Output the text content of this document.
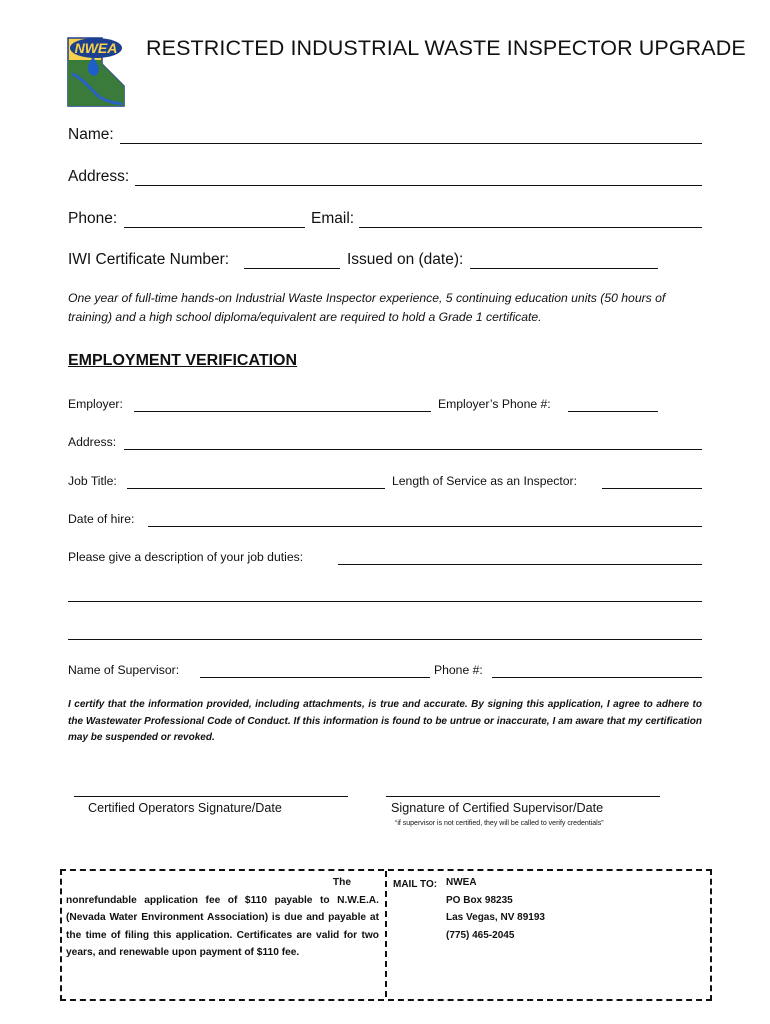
NWEA RESTRICTED INDUSTRIAL WASTE INSPECTOR UPGRADE
Name:
Address:
Phone:	Email:
IWI Certificate Number:	Issued on (date):
One year of full-time hands-on Industrial Waste Inspector experience, 5 continuing education units (50 hours of training) and a high school diploma/equivalent are required to hold a Grade 1 certificate.
EMPLOYMENT VERIFICATION
Employer:	Employer’s Phone #:
Address:
Job Title:	Length of Service as an Inspector:
Date of hire:
Please give a description of your job duties:
Name of Supervisor:	Phone #:
I certify that the information provided, including attachments, is true and accurate. By signing this application, I agree to adhere to the Wastewater Professional Code of Conduct. If this information is found to be untrue or inaccurate, I am aware that my certification may be suspended or revoked.
Certified Operators Signature/Date	Signature of Certified Supervisor/Date
“if supervisor is not certified, they will be called to verify credentials”
The
nonrefundable application fee of $110 payable to N.W.E.A. (Nevada Water Environment Association) is due and payable at the time of filing this application. Certificates are valid for two years, and renewable upon payment of $110 fee.
MAIL TO: NWEA
PO Box 98235
Las Vegas, NV 89193
(775) 465-2045
